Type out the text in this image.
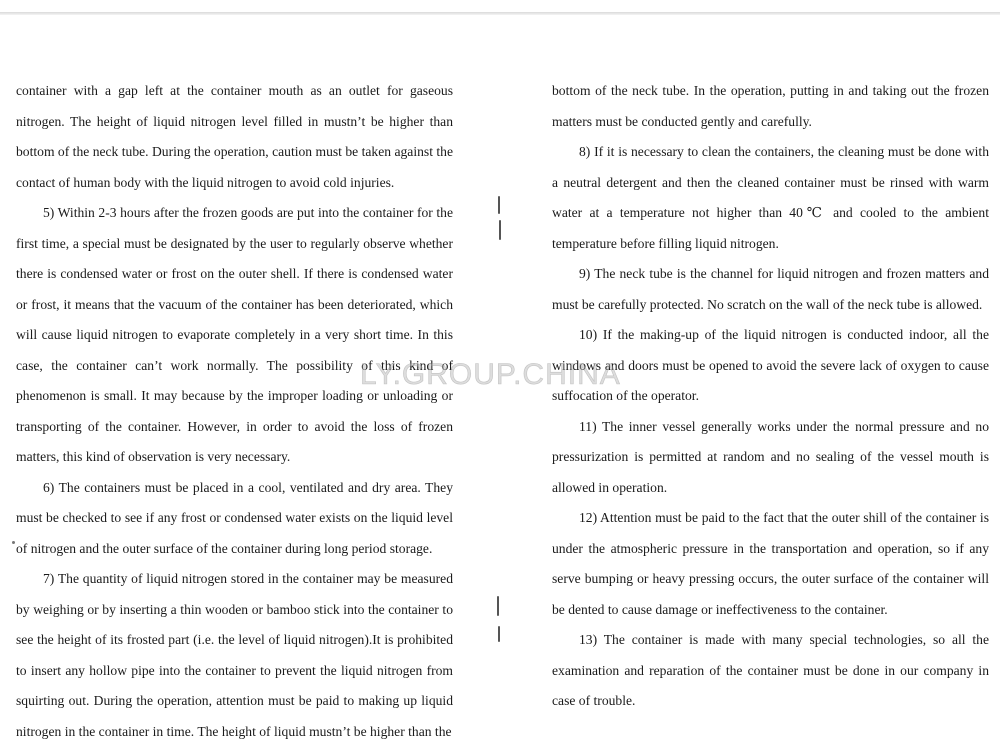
container with a gap left at the container mouth as an outlet for gaseous nitrogen. The height of liquid nitrogen level filled in mustn’t be higher than bottom of the neck tube. During the operation, caution must be taken against the contact of human body with the liquid nitrogen to avoid cold injuries.

5) Within 2-3 hours after the frozen goods are put into the container for the first time, a special must be designated by the user to regularly observe whether there is condensed water or frost on the outer shell. If there is condensed water or frost, it means that the vacuum of the container has been deteriorated, which will cause liquid nitrogen to evaporate completely in a very short time. In this case, the container can’t work normally. The possibility of this kind of phenomenon is small. It may because by the improper loading or unloading or transporting of the container. However, in order to avoid the loss of frozen matters, this kind of observation is very necessary.

6) The containers must be placed in a cool, ventilated and dry area. They must be checked to see if any frost or condensed water exists on the liquid level of nitrogen and the outer surface of the container during long period storage.

7) The quantity of liquid nitrogen stored in the container may be measured by weighing or by inserting a thin wooden or bamboo stick into the container to see the height of its frosted part (i.e. the level of liquid nitrogen).It is prohibited to insert any hollow pipe into the container to prevent the liquid nitrogen from squirting out. During the operation, attention must be paid to making up liquid nitrogen in the container in time. The height of liquid mustn’t be higher than the

bottom of the neck tube. In the operation, putting in and taking out the frozen matters must be conducted gently and carefully.

8) If it is necessary to clean the containers, the cleaning must be done with a neutral detergent and then the cleaned container must be rinsed with warm water at a temperature not higher than 40℃ and cooled to the ambient temperature before filling liquid nitrogen.

9) The neck tube is the channel for liquid nitrogen and frozen matters and must be carefully protected. No scratch on the wall of the neck tube is allowed.

10) If the making-up of the liquid nitrogen is conducted indoor, all the windows and doors must be opened to avoid the severe lack of oxygen to cause suffocation of the operator.

11) The inner vessel generally works under the normal pressure and no pressurization is permitted at random and no sealing of the vessel mouth is allowed in operation.

12) Attention must be paid to the fact that the outer shill of the container is under the atmospheric pressure in the transportation and operation, so if any serve bumping or heavy pressing occurs, the outer surface of the container will be dented to cause damage or ineffectiveness to the container.

13) The container is made with many special technologies, so all the examination and reparation of the container must be done in our company in case of trouble.

LY.GROUP.CHINA
